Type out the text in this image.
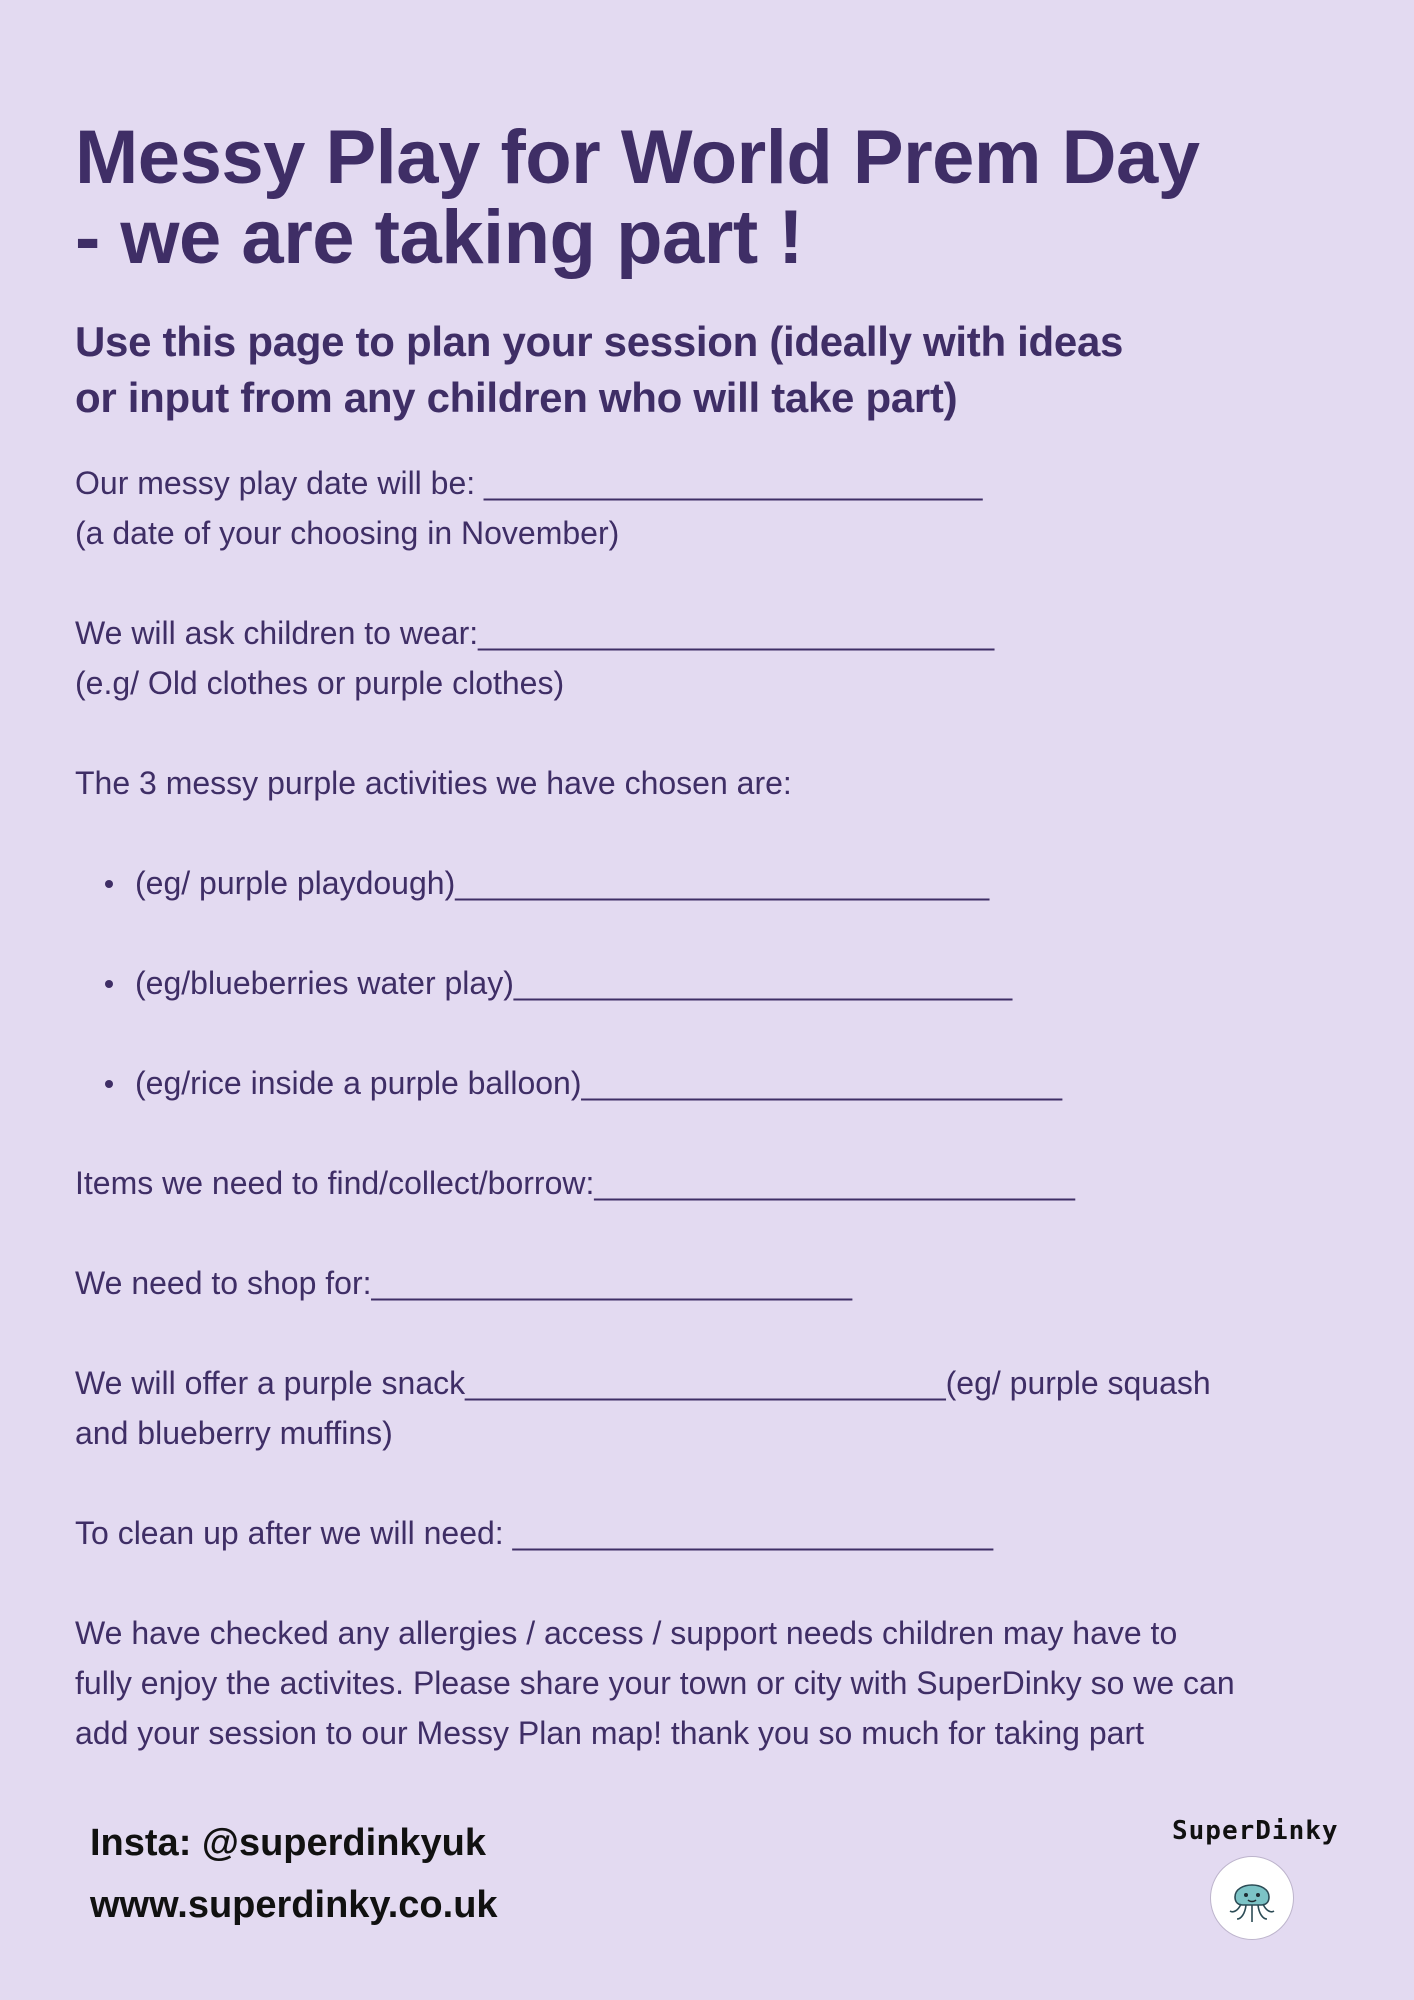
Messy Play for World Prem Day
- we are taking part !
Use this page to plan your session (ideally with ideas
or input from any children who will take part)

Our messy play date will be: ____________________________

(a date of your choosing in November)

We will ask children to wear:_____________________________

(e.g/ Old clothes or purple clothes)

The 3 messy purple activities we have chosen are:

(eg/ purple playdough)______________________________
(eg/blueberries water play)____________________________
(eg/rice inside a purple balloon)___________________________

Items we need to find/collect/borrow:___________________________

We need to shop for:___________________________

We will offer a purple snack___________________________(eg/ purple squash

and blueberry muffins)

To clean up after we will need: ___________________________

We have checked any allergies / access / support needs children may have to

fully enjoy the activites. Please share your town or city with SuperDinky so we can

add your session to our Messy Plan map! thank you so much for taking part

Insta: @superdinkyuk
www.superdinky.co.uk
SuperDinky
